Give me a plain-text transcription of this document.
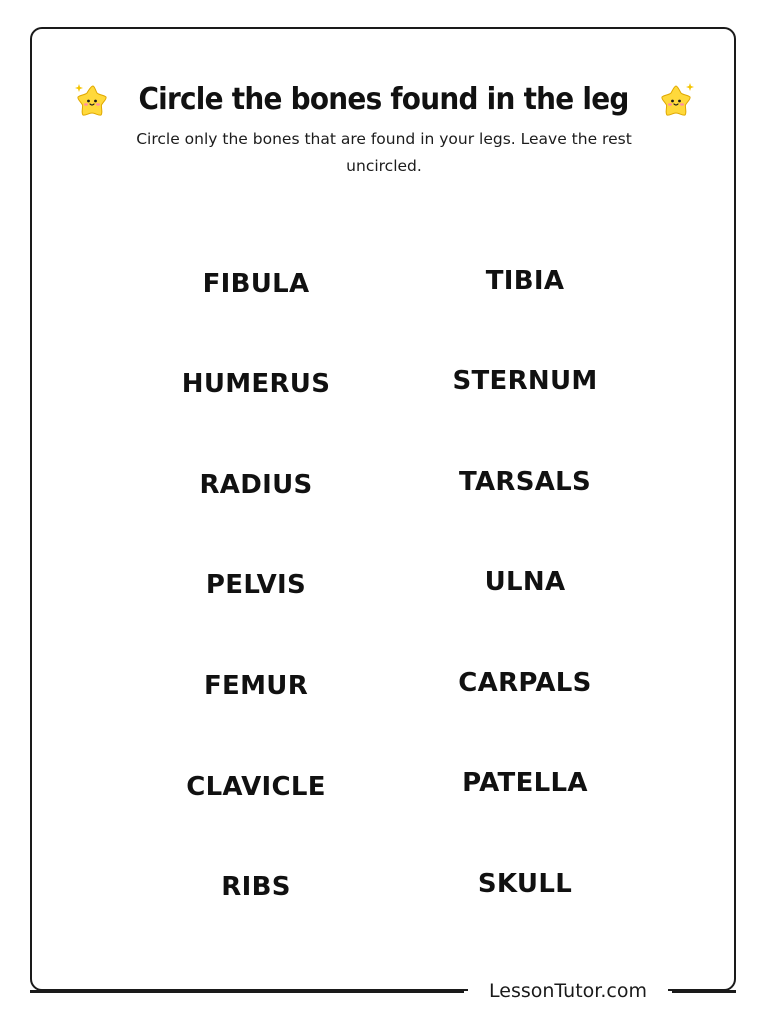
Circle the bones found in the leg
Circle only the bones that are found in your legs. Leave the rest uncircled.
FIBULA
HUMERUS
RADIUS
PELVIS
FEMUR
CLAVICLE
RIBS
TIBIA
STERNUM
TARSALS
ULNA
CARPALS
PATELLA
SKULL
LessonTutor.com
